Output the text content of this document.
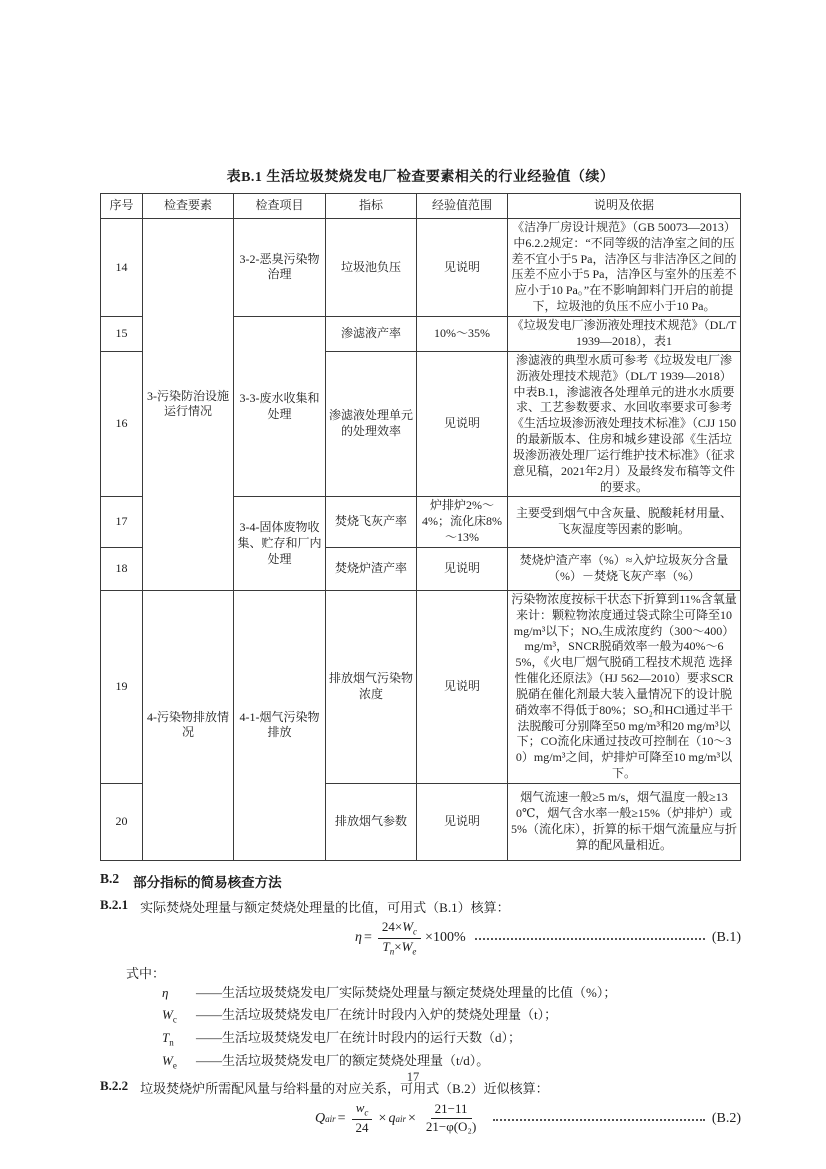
表B.1 生活垃圾焚烧发电厂检查要素相关的行业经验值（续）
序号	检查要素	检查项目	指标	经验值范围	说明及依据
14	3-污染防治设施运行情况	3-2-恶臭污染物治理	垃圾池负压	见说明	《洁净厂房设计规范》（GB 50073—2013）中6.2.2规定：“不同等级的洁净室之间的压差不宜小于5 Pa，洁净区与非洁净区之间的压差不应小于5 Pa，洁净区与室外的压差不应小于10 Pa。”在不影响卸料门开启的前提下，垃圾池的负压不应小于10 Pa。
15		3-3-废水收集和处理	渗滤液产率	10%～35%	《垃圾发电厂渗沥液处理技术规范》（DL/T 1939—2018），表1
16			渗滤液处理单元的处理效率	见说明	渗滤液的典型水质可参考《垃圾发电厂渗沥液处理技术规范》（DL/T 1939—2018）中表B.1，渗滤液各处理单元的进水水质要求、工艺参数要求、水回收率要求可参考《生活垃圾渗沥液处理技术标准》（CJJ 150的最新版本、住房和城乡建设部《生活垃圾渗沥液处理厂运行维护技术标准》（征求意见稿，2021年2月）及最终发布稿等文件的要求。
17		3-4-固体废物收集、贮存和厂内处理	焚烧飞灰产率	炉排炉2%～4%；流化床8%～13%	主要受到烟气中含灰量、脱酸耗材用量、飞灰湿度等因素的影响。
18			焚烧炉渣产率	见说明	焚烧炉渣产率（%）≈入炉垃圾灰分含量（%）－焚烧飞灰产率（%）
19	4-污染物排放情况	4-1-烟气污染物排放	排放烟气污染物浓度	见说明	污染物浓度按标干状态下折算到11%含氧量来计：颗粒物浓度通过袋式除尘可降至10 mg/m³以下；NOₓ生成浓度约（300～400）mg/m³，SNCR脱硝效率一般为40%～65%，《火电厂烟气脱硝工程技术规范 选择性催化还原法》（HJ 562—2010）要求SCR脱硝在催化剂最大装入量情况下的设计脱硝效率不得低于80%；SO₂和HCl通过半干法脱酸可分别降至50 mg/m³和20 mg/m³以下；CO流化床通过技改可控制在（10～30）mg/m³之间，炉排炉可降至10 mg/m³以下。
20			排放烟气参数	见说明	烟气流速一般≥5 m/s，烟气温度一般≥130℃，烟气含水率一般≥15%（炉排炉）或5%（流化床），折算的标干烟气流量应与折算的配风量相近。
B.2 部分指标的简易核查方法
B.2.1 实际焚烧处理量与额定焚烧处理量的比值，可用式（B.1）核算：
$\eta = \frac{24\times W_c}{T_n\times W_e} \times 100\%$	(B.1)
式中：
η	——生活垃圾焚烧发电厂实际焚烧处理量与额定焚烧处理量的比值（%）；
$W_c$	——生活垃圾焚烧发电厂在统计时段内入炉的焚烧处理量（t）；
$T_n$	——生活垃圾焚烧发电厂在统计时段内的运行天数（d）；
$W_e$	——生活垃圾焚烧发电厂的额定焚烧处理量（t/d）。
B.2.2 垃圾焚烧炉所需配风量与给料量的对应关系，可用式（B.2）近似核算：
Q air = $\frac{w_c}{24} \times q$ air × $\frac{21-11}{\text{21−φ(O₂)}}$	(B.2)
17
